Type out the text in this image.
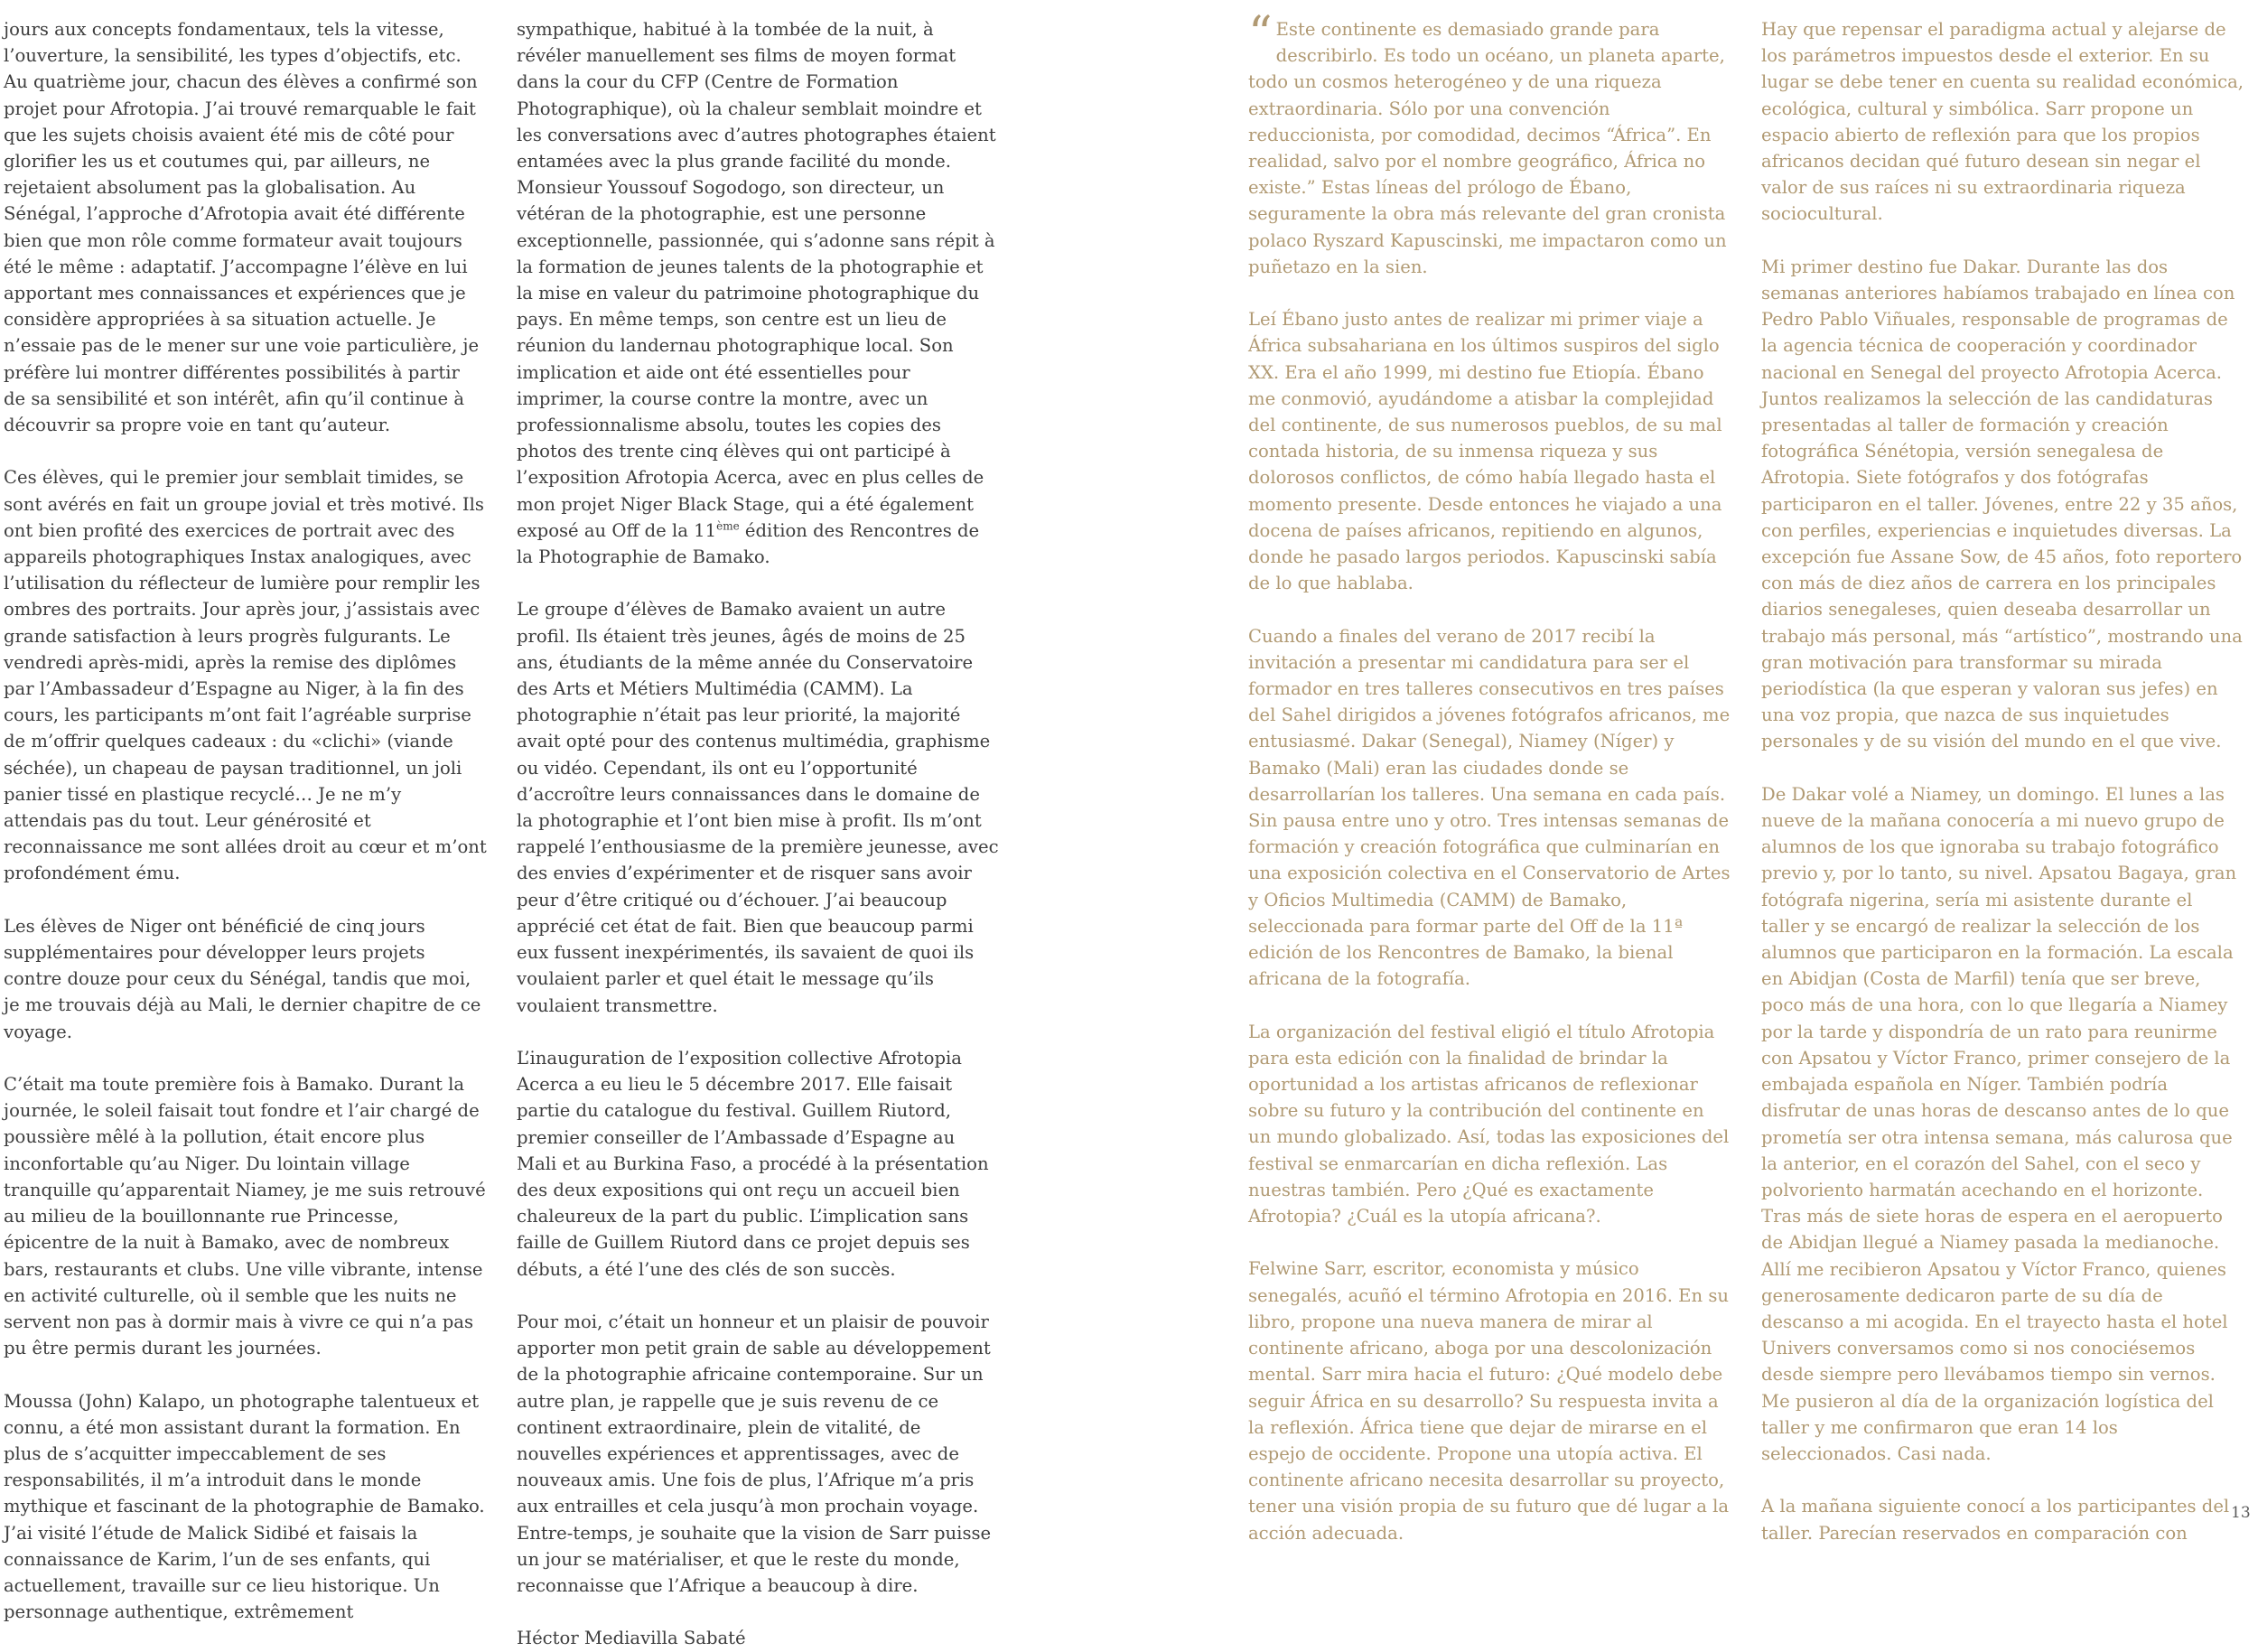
jours aux concepts fondamentaux, tels la vitesse, l’ouverture, la sensibilité, les types d’objectifs, etc. Au quatrième jour, chacun des élèves a confirmé son projet pour Afrotopia. J’ai trouvé remarquable le fait que les sujets choisis avaient été mis de côté pour glorifier les us et coutumes qui, par ailleurs, ne rejetaient absolument pas la globalisation. Au Sénégal, l’approche d’Afrotopia avait été différente bien que mon rôle comme formateur avait toujours été le même : adaptatif. J’accompagne l’élève en lui apportant mes connaissances et expériences que je considère appropriées à sa situation actuelle. Je n’essaie pas de le mener sur une voie particulière, je préfère lui montrer différentes possibilités à partir de sa sensibilité et son intérêt, afin qu’il continue à découvrir sa propre voie en tant qu’auteur.

Ces élèves, qui le premier jour semblait timides, se sont avérés en fait un groupe jovial et très motivé. Ils ont bien profité des exercices de portrait avec des appareils photographiques Instax analogiques, avec l’utilisation du réflecteur de lumière pour remplir les ombres des portraits. Jour après jour, j’assistais avec grande satisfaction à leurs progrès fulgurants. Le vendredi après-midi, après la remise des diplômes par l’Ambassadeur d’Espagne au Niger, à la fin des cours, les participants m’ont fait l’agréable surprise de m’offrir quelques cadeaux : du «clichi» (viande séchée), un chapeau de paysan traditionnel, un joli panier tissé en plastique recyclé… Je ne m’y attendais pas du tout. Leur générosité et reconnaissance me sont allées droit au cœur et m’ont profondément ému.

Les élèves de Niger ont bénéficié de cinq jours supplémentaires pour développer leurs projets contre douze pour ceux du Sénégal, tandis que moi, je me trouvais déjà au Mali, le dernier chapitre de ce voyage.

C’était ma toute première fois à Bamako. Durant la journée, le soleil faisait tout fondre et l’air chargé de poussière mêlé à la pollution, était encore plus inconfortable qu’au Niger. Du lointain village tranquille qu’apparentait Niamey, je me suis retrouvé au milieu de la bouillonnante rue Princesse, épicentre de la nuit à Bamako, avec de nombreux bars, restaurants et clubs. Une ville vibrante, intense en activité culturelle, où il semble que les nuits ne servent non pas à dormir mais à vivre ce qui n’a pas pu être permis durant les journées.

Moussa (John) Kalapo, un photographe talentueux et connu, a été mon assistant durant la formation. En plus de s’acquitter impeccablement de ses responsabilités, il m’a introduit dans le monde mythique et fascinant de la photographie de Bamako. J’ai visité l’étude de Malick Sidibé et faisais la connaissance de Karim, l’un de ses enfants, qui actuellement, travaille sur ce lieu historique. Un personnage authentique, extrêmement

sympathique, habitué à la tombée de la nuit, à révéler manuellement ses films de moyen format dans la cour du CFP (Centre de Formation Photographique), où la chaleur semblait moindre et les conversations avec d’autres photographes étaient entamées avec la plus grande facilité du monde. Monsieur Youssouf Sogodogo, son directeur, un vétéran de la photographie, est une personne exceptionnelle, passionnée, qui s’adonne sans répit à la formation de jeunes talents de la photographie et la mise en valeur du patrimoine photographique du pays. En même temps, son centre est un lieu de réunion du landernau photographique local. Son implication et aide ont été essentielles pour imprimer, la course contre la montre, avec un professionnalisme absolu, toutes les copies des photos des trente cinq élèves qui ont participé à l’exposition Afrotopia Acerca, avec en plus celles de mon projet Niger Black Stage, qui a été également exposé au Off de la 11ème édition des Rencontres de la Photographie de Bamako.

Le groupe d’élèves de Bamako avaient un autre profil. Ils étaient très jeunes, âgés de moins de 25 ans, étudiants de la même année du Conservatoire des Arts et Métiers Multimédia (CAMM). La photographie n’était pas leur priorité, la majorité avait opté pour des contenus multimédia, graphisme ou vidéo. Cependant, ils ont eu l’opportunité d’accroître leurs connaissances dans le domaine de la photographie et l’ont bien mise à profit. Ils m’ont rappelé l’enthousiasme de la première jeunesse, avec des envies d’expérimenter et de risquer sans avoir peur d’être critiqué ou d’échouer. J’ai beaucoup apprécié cet état de fait. Bien que beaucoup parmi eux fussent inexpérimentés, ils savaient de quoi ils voulaient parler et quel était le message qu’ils voulaient transmettre.

L’inauguration de l’exposition collective Afrotopia Acerca a eu lieu le 5 décembre 2017. Elle faisait partie du catalogue du festival. Guillem Riutord, premier conseiller de l’Ambassade d’Espagne au Mali et au Burkina Faso, a procédé à la présentation des deux expositions qui ont reçu un accueil bien chaleureux de la part du public. L’implication sans faille de Guillem Riutord dans ce projet depuis ses débuts, a été l’une des clés de son succès.

Pour moi, c’était un honneur et un plaisir de pouvoir apporter mon petit grain de sable au développement de la photographie africaine contemporaine. Sur un autre plan, je rappelle que je suis revenu de ce continent extraordinaire, plein de vitalité, de nouvelles expériences et apprentissages, avec de nouveaux amis. Une fois de plus, l’Afrique m’a pris aux entrailles et cela jusqu’à mon prochain voyage. Entre-temps, je souhaite que la vision de Sarr puisse un jour se matérialiser, et que le reste du monde, reconnaisse que l’Afrique a beaucoup à dire.

Héctor Mediavilla Sabaté

“ Este continente es demasiado grande para describirlo. Es todo un océano, un planeta aparte, todo un cosmos heterogéneo y de una riqueza extraordinaria. Sólo por una convención reduccionista, por comodidad, decimos “África”. En realidad, salvo por el nombre geográfico, África no existe.” Estas líneas del prólogo de Ébano, seguramente la obra más relevante del gran cronista polaco Ryszard Kapuscinski, me impactaron como un puñetazo en la sien.

Leí Ébano justo antes de realizar mi primer viaje a África subsahariana en los últimos suspiros del siglo XX. Era el año 1999, mi destino fue Etiopía. Ébano me conmovió, ayudándome a atisbar la complejidad del continente, de sus numerosos pueblos, de su mal contada historia, de su inmensa riqueza y sus dolorosos conflictos, de cómo había llegado hasta el momento presente. Desde entonces he viajado a una docena de países africanos, repitiendo en algunos, donde he pasado largos periodos. Kapuscinski sabía de lo que hablaba.

Cuando a finales del verano de 2017 recibí la invitación a presentar mi candidatura para ser el formador en tres talleres consecutivos en tres países del Sahel dirigidos a jóvenes fotógrafos africanos, me entusiasmé. Dakar (Senegal), Niamey (Níger) y Bamako (Mali) eran las ciudades donde se desarrollarían los talleres. Una semana en cada país. Sin pausa entre uno y otro. Tres intensas semanas de formación y creación fotográfica que culminarían en una exposición colectiva en el Conservatorio de Artes y Oficios Multimedia (CAMM) de Bamako, seleccionada para formar parte del Off de la 11ª edición de los Rencontres de Bamako, la bienal africana de la fotografía.

La organización del festival eligió el título Afrotopia para esta edición con la finalidad de brindar la oportunidad a los artistas africanos de reflexionar sobre su futuro y la contribución del continente en un mundo globalizado. Así, todas las exposiciones del festival se enmarcarían en dicha reflexión. Las nuestras también. Pero ¿Qué es exactamente Afrotopia? ¿Cuál es la utopía africana?.

Felwine Sarr, escritor, economista y músico senegalés, acuñó el término Afrotopia en 2016. En su libro, propone una nueva manera de mirar al continente africano, aboga por una descolonización mental. Sarr mira hacia el futuro: ¿Qué modelo debe seguir África en su desarrollo? Su respuesta invita a la reflexión. África tiene que dejar de mirarse en el espejo de occidente. Propone una utopía activa. El continente africano necesita desarrollar su proyecto, tener una visión propia de su futuro que dé lugar a la acción adecuada.

Hay que repensar el paradigma actual y alejarse de los parámetros impuestos desde el exterior. En su lugar se debe tener en cuenta su realidad económica, ecológica, cultural y simbólica. Sarr propone un espacio abierto de reflexión para que los propios africanos decidan qué futuro desean sin negar el valor de sus raíces ni su extraordinaria riqueza sociocultural.

Mi primer destino fue Dakar. Durante las dos semanas anteriores habíamos trabajado en línea con Pedro Pablo Viñuales, responsable de programas de la agencia técnica de cooperación y coordinador nacional en Senegal del proyecto Afrotopia Acerca. Juntos realizamos la selección de las candidaturas presentadas al taller de formación y creación fotográfica Sénétopia, versión senegalesa de Afrotopia. Siete fotógrafos y dos fotógrafas participaron en el taller. Jóvenes, entre 22 y 35 años, con perfiles, experiencias e inquietudes diversas. La excepción fue Assane Sow, de 45 años, foto reportero con más de diez años de carrera en los principales diarios senegaleses, quien deseaba desarrollar un trabajo más personal, más “artístico”, mostrando una gran motivación para transformar su mirada periodística (la que esperan y valoran sus jefes) en una voz propia, que nazca de sus inquietudes personales y de su visión del mundo en el que vive.

De Dakar volé a Niamey, un domingo. El lunes a las nueve de la mañana conocería a mi nuevo grupo de alumnos de los que ignoraba su trabajo fotográfico previo y, por lo tanto, su nivel. Apsatou Bagaya, gran fotógrafa nigerina, sería mi asistente durante el taller y se encargó de realizar la selección de los alumnos que participaron en la formación. La escala en Abidjan (Costa de Marfil) tenía que ser breve, poco más de una hora, con lo que llegaría a Niamey por la tarde y dispondría de un rato para reunirme con Apsatou y Víctor Franco, primer consejero de la embajada española en Níger. También podría disfrutar de unas horas de descanso antes de lo que prometía ser otra intensa semana, más calurosa que la anterior, en el corazón del Sahel, con el seco y polvoriento harmatán acechando en el horizonte. Tras más de siete horas de espera en el aeropuerto de Abidjan llegué a Niamey pasada la medianoche. Allí me recibieron Apsatou y Víctor Franco, quienes generosamente dedicaron parte de su día de descanso a mi acogida. En el trayecto hasta el hotel Univers conversamos como si nos conociésemos desde siempre pero llevábamos tiempo sin vernos. Me pusieron al día de la organización logística del taller y me confirmaron que eran 14 los seleccionados. Casi nada.

A la mañana siguiente conocí a los participantes del taller. Parecían reservados en comparación con

13
